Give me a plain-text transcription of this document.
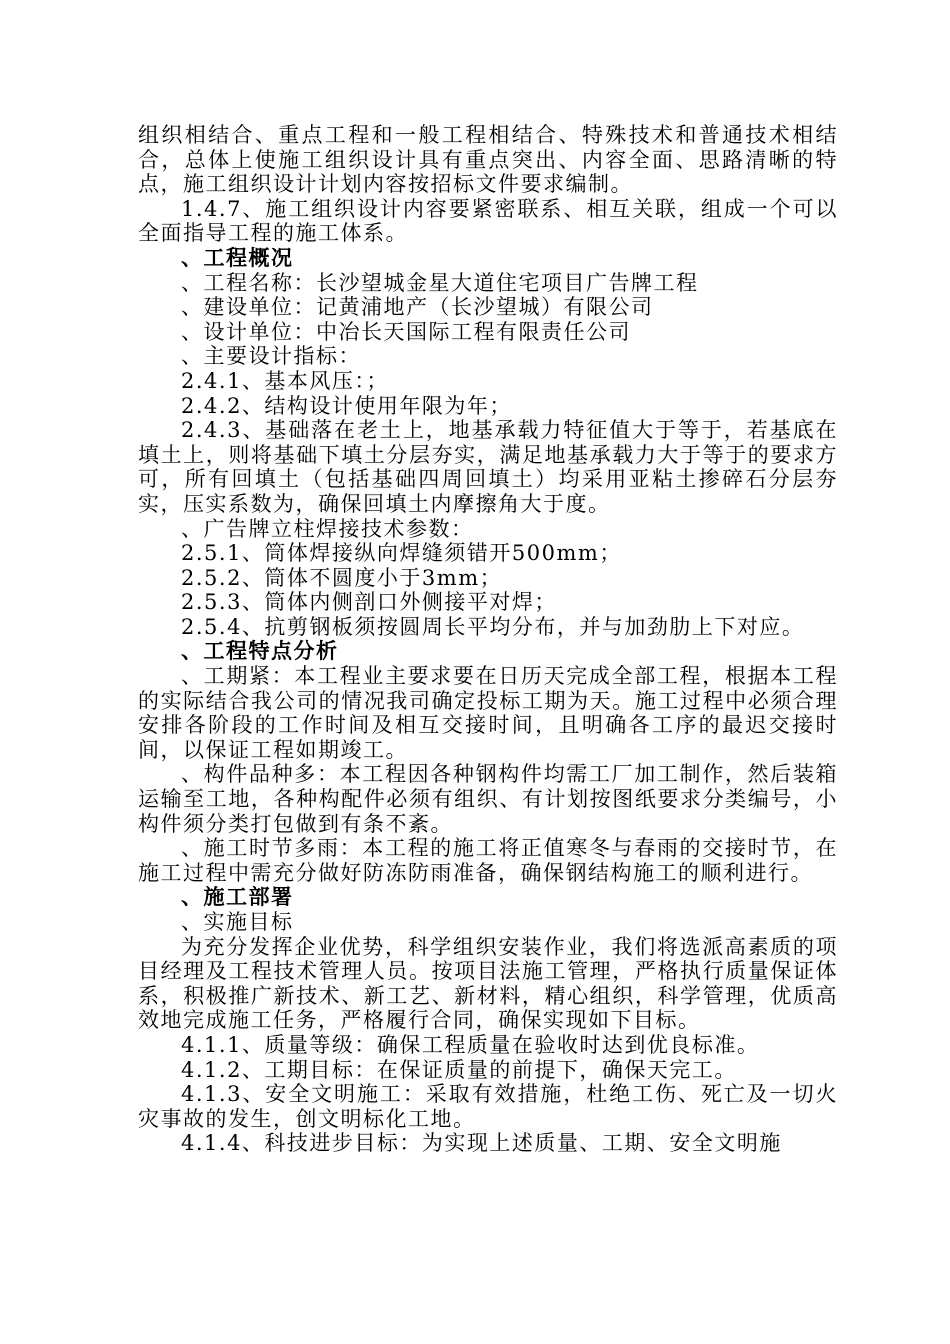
组织相结合、重点工程和一般工程相结合、特殊技术和普通技术相结合，总体上使施工组织设计具有重点突出、内容全面、思路清晰的特点，施工组织设计计划内容按招标文件要求编制。

1.4.7、施工组织设计内容要紧密联系、相互关联，组成一个可以全面指导工程的施工体系。

、工程概况

、工程名称：长沙望城金星大道住宅项目广告牌工程

、建设单位：记黄浦地产（长沙望城）有限公司

、设计单位：中冶长天国际工程有限责任公司

、主要设计指标：

2.4.1、基本风压：；

2.4.2、结构设计使用年限为年；

2.4.3、基础落在老土上，地基承载力特征值大于等于，若基底在填土上，则将基础下填土分层夯实，满足地基承载力大于等于的要求方可，所有回填土（包括基础四周回填土）均采用亚粘土掺碎石分层夯实，压实系数为，确保回填土内摩擦角大于度。

、广告牌立柱焊接技术参数：

2.5.1、筒体焊接纵向焊缝须错开500mm；

2.5.2、筒体不圆度小于3mm；

2.5.3、筒体内侧剖口外侧接平对焊；

2.5.4、抗剪钢板须按圆周长平均分布，并与加劲肋上下对应。

、工程特点分析

、工期紧：本工程业主要求要在日历天完成全部工程，根据本工程的实际结合我公司的情况我司确定投标工期为天。施工过程中必须合理安排各阶段的工作时间及相互交接时间，且明确各工序的最迟交接时间，以保证工程如期竣工。

、构件品种多：本工程因各种钢构件均需工厂加工制作，然后装箱运输至工地，各种构配件必须有组织、有计划按图纸要求分类编号，小构件须分类打包做到有条不紊。

、施工时节多雨：本工程的施工将正值寒冬与春雨的交接时节，在施工过程中需充分做好防冻防雨准备，确保钢结构施工的顺利进行。

、施工部署

、实施目标

为充分发挥企业优势，科学组织安装作业，我们将选派高素质的项目经理及工程技术管理人员。按项目法施工管理，严格执行质量保证体系，积极推广新技术、新工艺、新材料，精心组织，科学管理，优质高效地完成施工任务，严格履行合同，确保实现如下目标。

4.1.1、质量等级：确保工程质量在验收时达到优良标准。

4.1.2、工期目标：在保证质量的前提下，确保天完工。

4.1.3、安全文明施工：采取有效措施，杜绝工伤、死亡及一切火灾事故的发生，创文明标化工地。

4.1.4、科技进步目标：为实现上述质量、工期、安全文明施
